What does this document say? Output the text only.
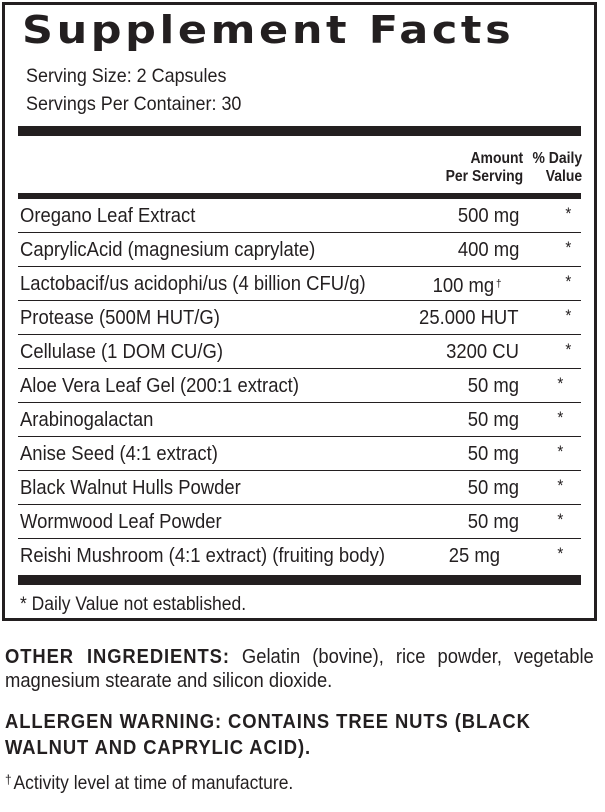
Supplement Facts
Serving Size: 2 Capsules
Servings Per Container: 30
Amount
Per Serving
% Daily
Value
Oregano Leaf Extract	500 mg	*
CaprylicAcid (magnesium caprylate)	400 mg	*
Lactobacif/us acidophi/us (4 billion CFU/g)	100 mg †	*
Protease (500M HUT/G)	25.000 HUT	*
Cellulase (1 DOM CU/G)	3200 CU	*
Aloe Vera Leaf Gel (200:1 extract)	50 mg *
Arabinogalactan	50 mg *
Anise Seed (4:1 extract)	50 mg *
Black Walnut Hulls Powder	50 mg *
Wormwood Leaf Powder	50 mg *
Reishi Mushroom (4:1 extract) (fruiting body)	25 mg	*
* Daily Value not established.
OTHER INGREDIENTS: Gelatin (bovine), rice powder, vegetable magnesium stearate and silicon dioxide.
ALLERGEN WARNING: CONTAINS TREE NUTS (BLACK WALNUT AND CAPRYLIC ACID).
†Activity level at time of manufacture.
